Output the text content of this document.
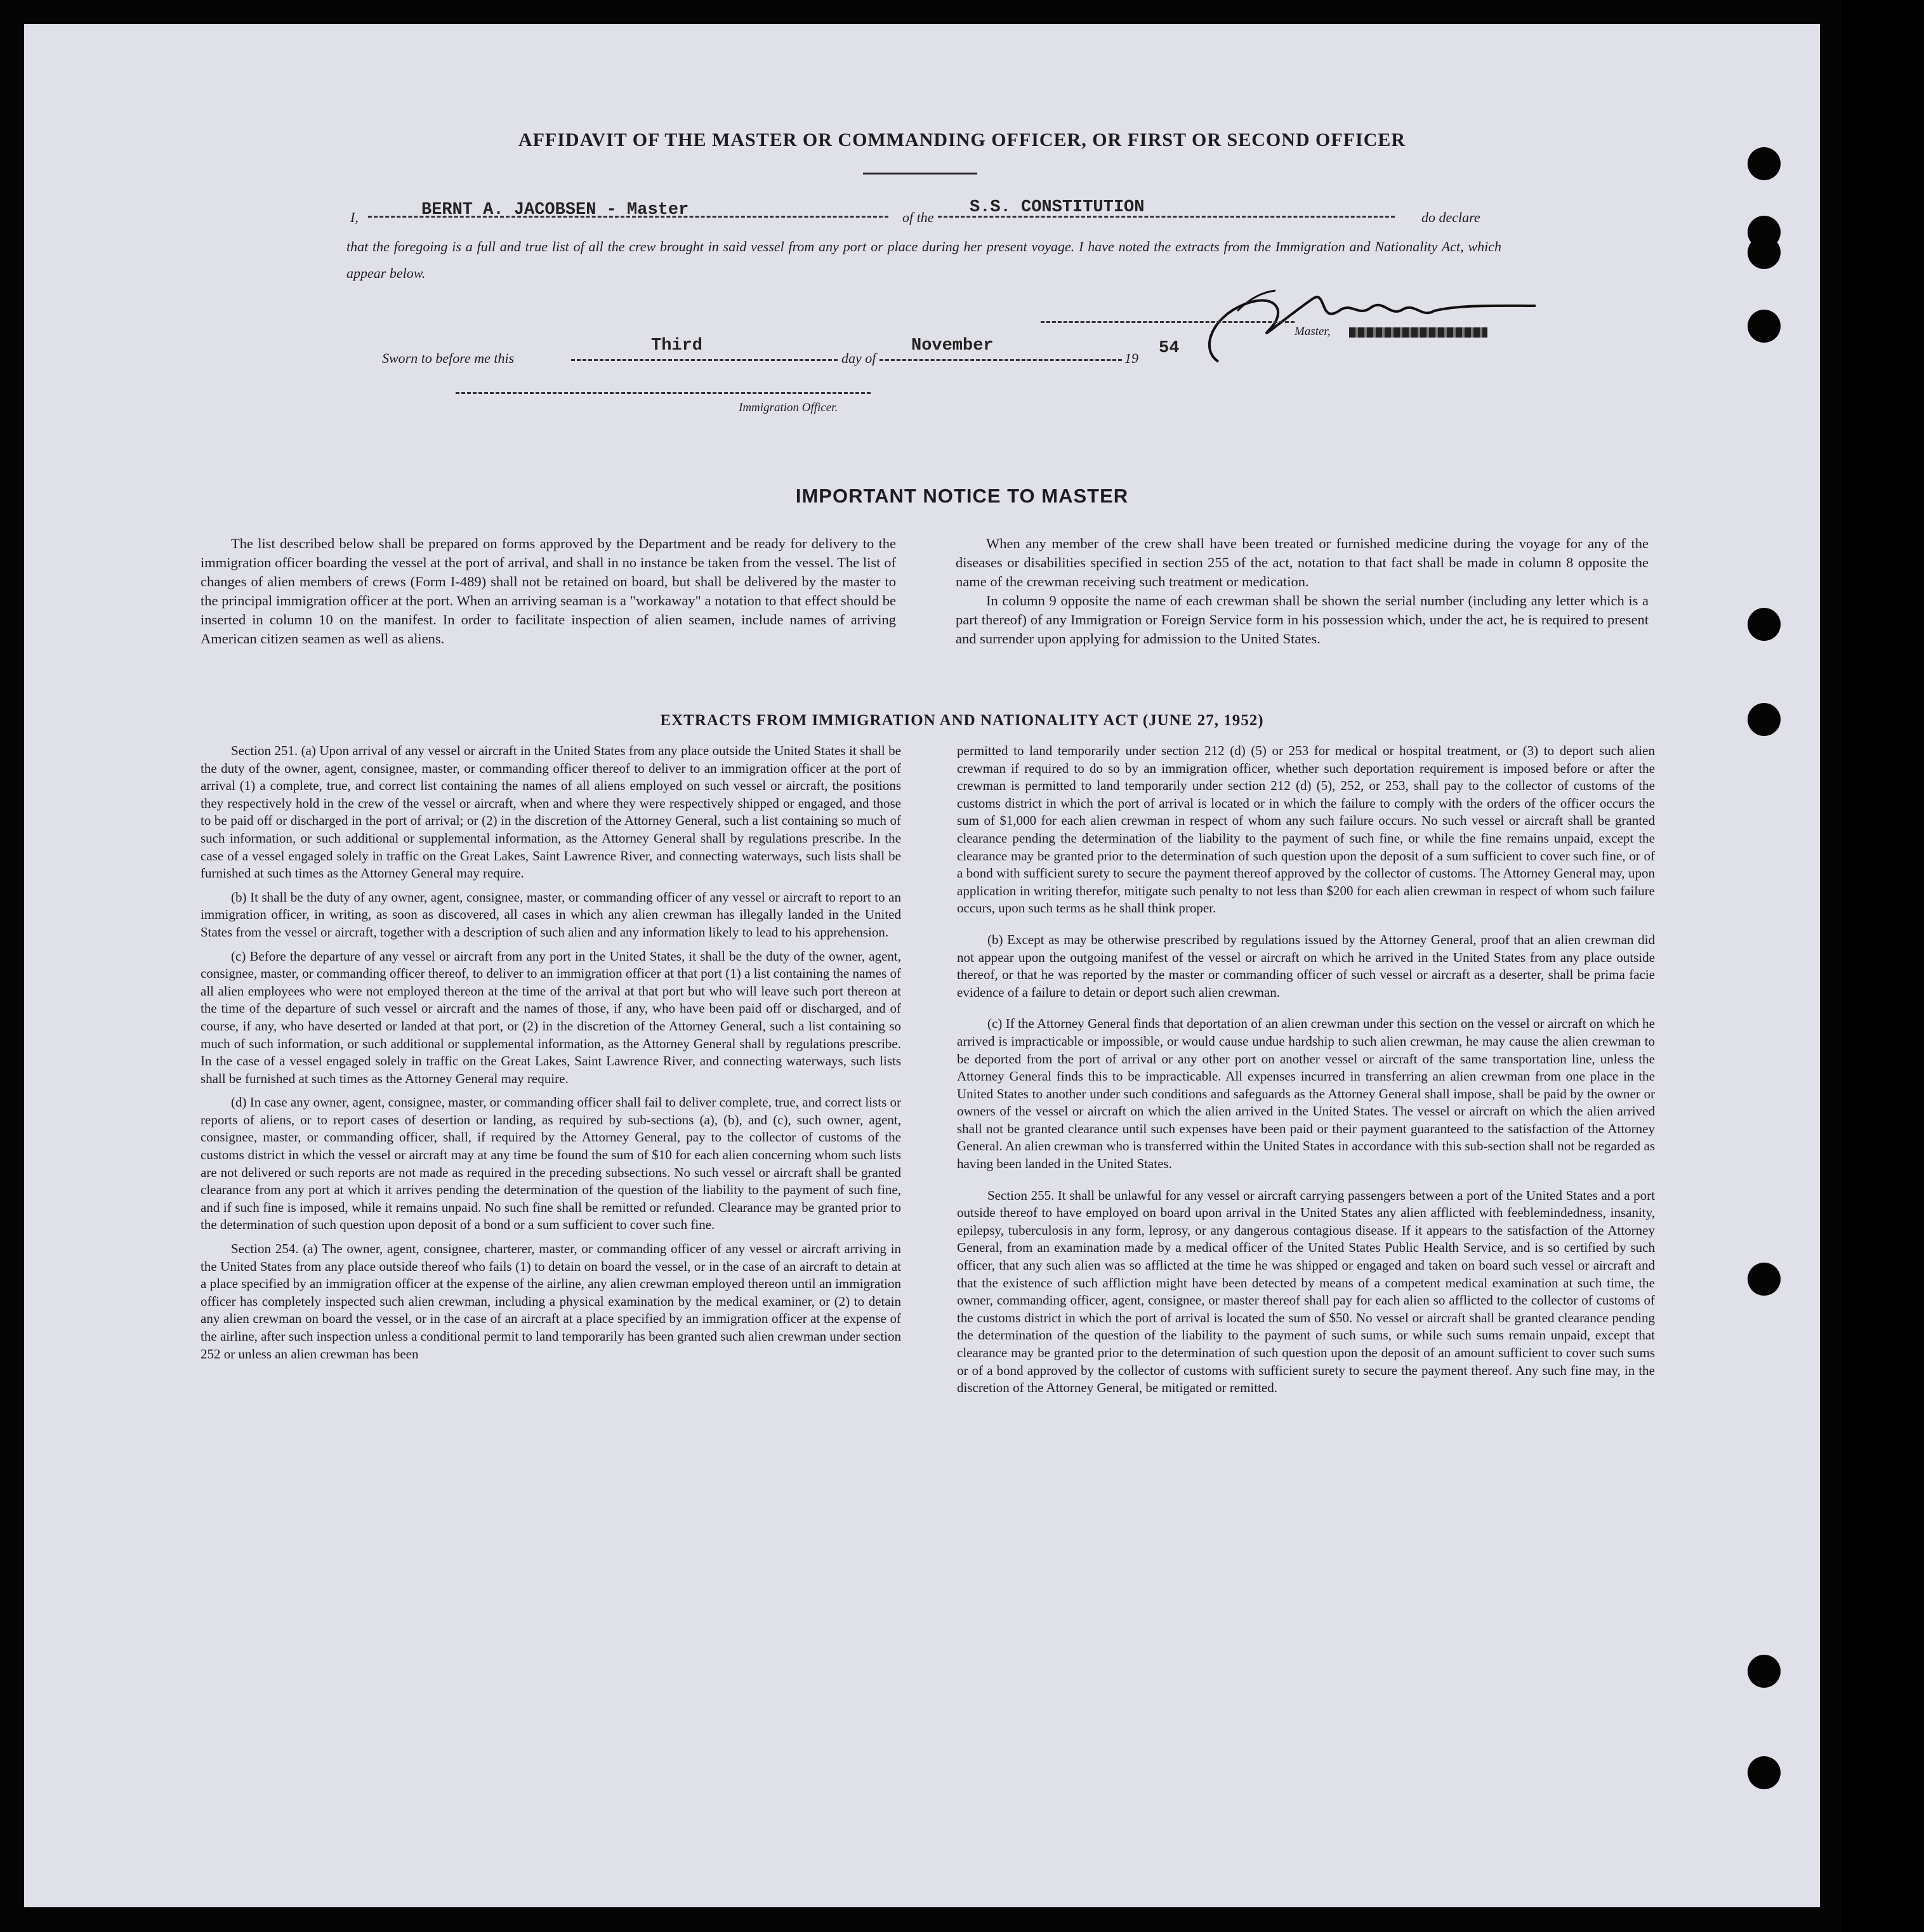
AFFIDAVIT OF THE MASTER OR COMMANDING OFFICER, OR FIRST OR SECOND OFFICER
I,	BERNT A. JACOBSEN - Master	of the
S.S. CONSTITUTION
do declare
that the foregoing is a full and true list of all the crew brought in said vessel from any port or place during her present voyage. I have noted the extracts from the Immigration and Nationality Act, which appear below.
Master,
Sworn to before me this
Third
day of
November
19
54
Immigration Officer.
IMPORTANT NOTICE TO MASTER

The list described below shall be prepared on forms approved by the Department and be ready for delivery to the immigration officer boarding the vessel at the port of arrival, and shall in no instance be taken from the vessel. The list of changes of alien members of crews (Form I-489) shall not be retained on board, but shall be delivered by the master to the principal immigration officer at the port. When an arriving seaman is a "workaway" a notation to that effect should be inserted in column 10 on the manifest. In order to facilitate inspection of alien seamen, include names of arriving American citizen seamen as well as aliens.

When any member of the crew shall have been treated or furnished medicine during the voyage for any of the diseases or disabilities specified in section 255 of the act, notation to that fact shall be made in column 8 opposite the name of the crewman receiving such treatment or medication.

In column 9 opposite the name of each crewman shall be shown the serial number (including any letter which is a part thereof) of any Immigration or Foreign Service form in his possession which, under the act, he is required to present and surrender upon applying for admission to the United States.

EXTRACTS FROM IMMIGRATION AND NATIONALITY ACT (JUNE 27, 1952)

Section 251. (a) Upon arrival of any vessel or aircraft in the United States from any place outside the United States it shall be the duty of the owner, agent, consignee, master, or commanding officer thereof to deliver to an immigration officer at the port of arrival (1) a complete, true, and correct list containing the names of all aliens employed on such vessel or aircraft, the positions they respectively hold in the crew of the vessel or aircraft, when and where they were respectively shipped or engaged, and those to be paid off or discharged in the port of arrival; or (2) in the discretion of the Attorney General, such a list containing so much of such information, or such additional or supplemental information, as the Attorney General shall by regulations prescribe. In the case of a vessel engaged solely in traffic on the Great Lakes, Saint Lawrence River, and connecting waterways, such lists shall be furnished at such times as the Attorney General may require.

(b) It shall be the duty of any owner, agent, consignee, master, or commanding officer of any vessel or aircraft to report to an immigration officer, in writing, as soon as discovered, all cases in which any alien crewman has illegally landed in the United States from the vessel or aircraft, together with a description of such alien and any information likely to lead to his apprehension.

(c) Before the departure of any vessel or aircraft from any port in the United States, it shall be the duty of the owner, agent, consignee, master, or commanding officer thereof, to deliver to an immigration officer at that port (1) a list containing the names of all alien employees who were not employed thereon at the time of the arrival at that port but who will leave such port thereon at the time of the departure of such vessel or aircraft and the names of those, if any, who have been paid off or discharged, and of course, if any, who have deserted or landed at that port, or (2) in the discretion of the Attorney General, such a list containing so much of such information, or such additional or supplemental information, as the Attorney General shall by regulations prescribe. In the case of a vessel engaged solely in traffic on the Great Lakes, Saint Lawrence River, and connecting waterways, such lists shall be furnished at such times as the Attorney General may require.

(d) In case any owner, agent, consignee, master, or commanding officer shall fail to deliver complete, true, and correct lists or reports of aliens, or to report cases of desertion or landing, as required by sub-sections (a), (b), and (c), such owner, agent, consignee, master, or commanding officer, shall, if required by the Attorney General, pay to the collector of customs of the customs district in which the vessel or aircraft may at any time be found the sum of $10 for each alien concerning whom such lists are not delivered or such reports are not made as required in the preceding subsections. No such vessel or aircraft shall be granted clearance from any port at which it arrives pending the determination of the question of the liability to the payment of such fine, and if such fine is imposed, while it remains unpaid. No such fine shall be remitted or refunded. Clearance may be granted prior to the determination of such question upon deposit of a bond or a sum sufficient to cover such fine.

Section 254. (a) The owner, agent, consignee, charterer, master, or commanding officer of any vessel or aircraft arriving in the United States from any place outside thereof who fails (1) to detain on board the vessel, or in the case of an aircraft to detain at a place specified by an immigration officer at the expense of the airline, any alien crewman employed thereon until an immigration officer has completely inspected such alien crewman, including a physical examination by the medical examiner, or (2) to detain any alien crewman on board the vessel, or in the case of an aircraft at a place specified by an immigration officer at the expense of the airline, after such inspection unless a conditional permit to land temporarily has been granted such alien crewman under section 252 or unless an alien crewman has been

permitted to land temporarily under section 212 (d) (5) or 253 for medical or hospital treatment, or (3) to deport such alien crewman if required to do so by an immigration officer, whether such deportation requirement is imposed before or after the crewman is permitted to land temporarily under section 212 (d) (5), 252, or 253, shall pay to the collector of customs of the customs district in which the port of arrival is located or in which the failure to comply with the orders of the officer occurs the sum of $1,000 for each alien crewman in respect of whom any such failure occurs. No such vessel or aircraft shall be granted clearance pending the determination of the liability to the payment of such fine, or while the fine remains unpaid, except the clearance may be granted prior to the determination of such question upon the deposit of a sum sufficient to cover such fine, or of a bond with sufficient surety to secure the payment thereof approved by the collector of customs. The Attorney General may, upon application in writing therefor, mitigate such penalty to not less than $200 for each alien crewman in respect of whom such failure occurs, upon such terms as he shall think proper.

(b) Except as may be otherwise prescribed by regulations issued by the Attorney General, proof that an alien crewman did not appear upon the outgoing manifest of the vessel or aircraft on which he arrived in the United States from any place outside thereof, or that he was reported by the master or commanding officer of such vessel or aircraft as a deserter, shall be prima facie evidence of a failure to detain or deport such alien crewman.

(c) If the Attorney General finds that deportation of an alien crewman under this section on the vessel or aircraft on which he arrived is impracticable or impossible, or would cause undue hardship to such alien crewman, he may cause the alien crewman to be deported from the port of arrival or any other port on another vessel or aircraft of the same transportation line, unless the Attorney General finds this to be impracticable. All expenses incurred in transferring an alien crewman from one place in the United States to another under such conditions and safeguards as the Attorney General shall impose, shall be paid by the owner or owners of the vessel or aircraft on which the alien arrived in the United States. The vessel or aircraft on which the alien arrived shall not be granted clearance until such expenses have been paid or their payment guaranteed to the satisfaction of the Attorney General. An alien crewman who is transferred within the United States in accordance with this sub-section shall not be regarded as having been landed in the United States.

Section 255. It shall be unlawful for any vessel or aircraft carrying passengers between a port of the United States and a port outside thereof to have employed on board upon arrival in the United States any alien afflicted with feeblemindedness, insanity, epilepsy, tuberculosis in any form, leprosy, or any dangerous contagious disease. If it appears to the satisfaction of the Attorney General, from an examination made by a medical officer of the United States Public Health Service, and is so certified by such officer, that any such alien was so afflicted at the time he was shipped or engaged and taken on board such vessel or aircraft and that the existence of such affliction might have been detected by means of a competent medical examination at such time, the owner, commanding officer, agent, consignee, or master thereof shall pay for each alien so afflicted to the collector of customs of the customs district in which the port of arrival is located the sum of $50. No vessel or aircraft shall be granted clearance pending the determination of the question of the liability to the payment of such sums, or while such sums remain unpaid, except that clearance may be granted prior to the determination of such question upon the deposit of an amount sufficient to cover such sums or of a bond approved by the collector of customs with sufficient surety to secure the payment thereof. Any such fine may, in the discretion of the Attorney General, be mitigated or remitted.
